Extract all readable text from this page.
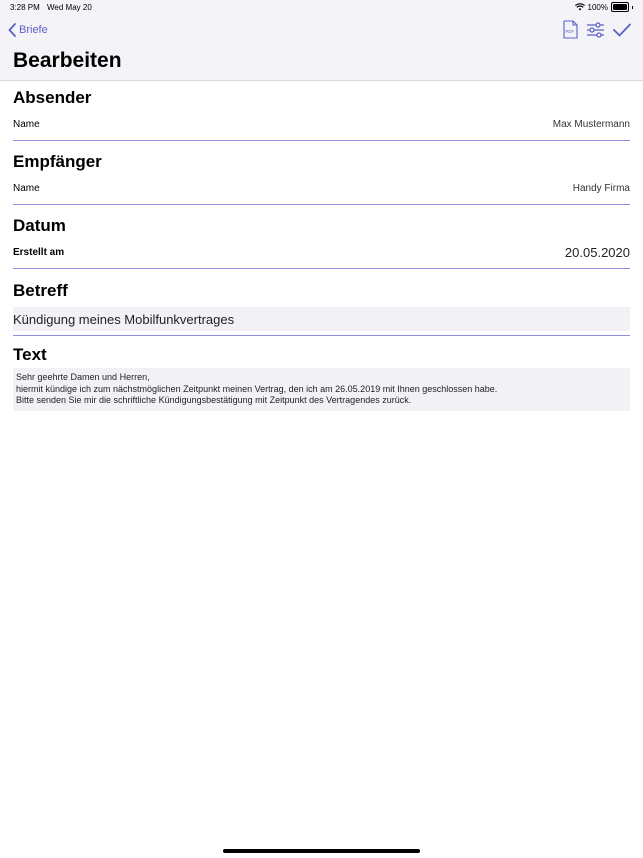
3:28 PM Wed May 20	100%
Briefe	PDF
Bearbeiten
Absender
Name	Max Mustermann
Empfänger
Name	Handy Firma
Datum
Erstellt am	20.05.2020
Betreff
Kündigung meines Mobilfunkvertrages
Text
Sehr geehrte Damen und Herren,
hiermit kündige ich zum nächstmöglichen Zeitpunkt meinen Vertrag, den ich am 26.05.2019 mit Ihnen geschlossen habe.
Bitte senden Sie mir die schriftliche Kündigungsbestätigung mit Zeitpunkt des Vertragendes zurück.
